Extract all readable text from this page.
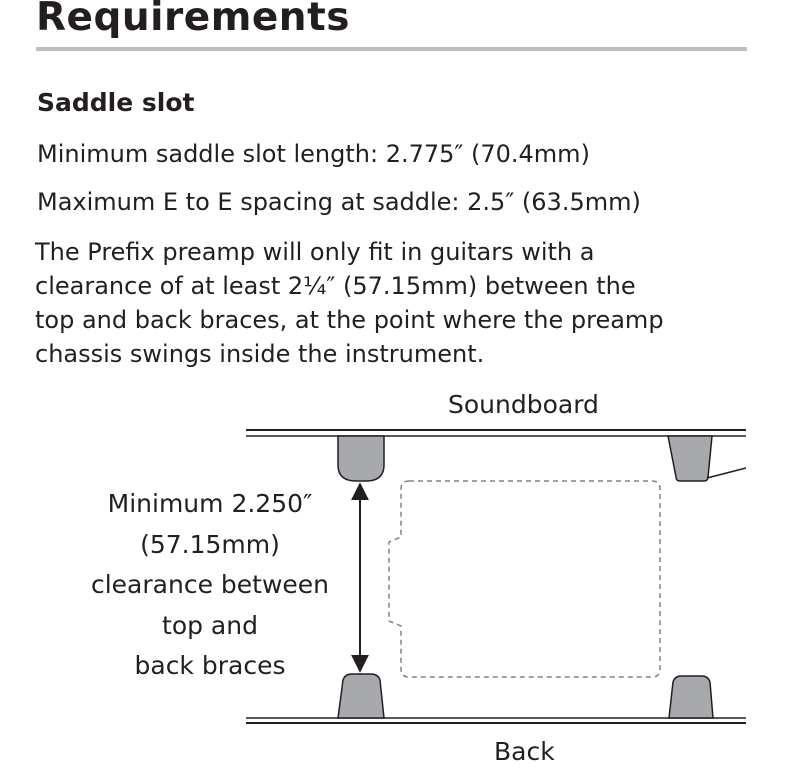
Requirements
Saddle slot
Minimum saddle slot length: 2.775″ (70.4mm)
Maximum E to E spacing at saddle: 2.5″ (63.5mm)
The Prefix preamp will only fit in guitars with a
clearance of at least 2¼″ (57.15mm) between the
top and back braces, at the point where the preamp
chassis swings inside the instrument.
Soundboard
Back
Minimum 2.250″
(57.15mm)
clearance between
top and
back braces
